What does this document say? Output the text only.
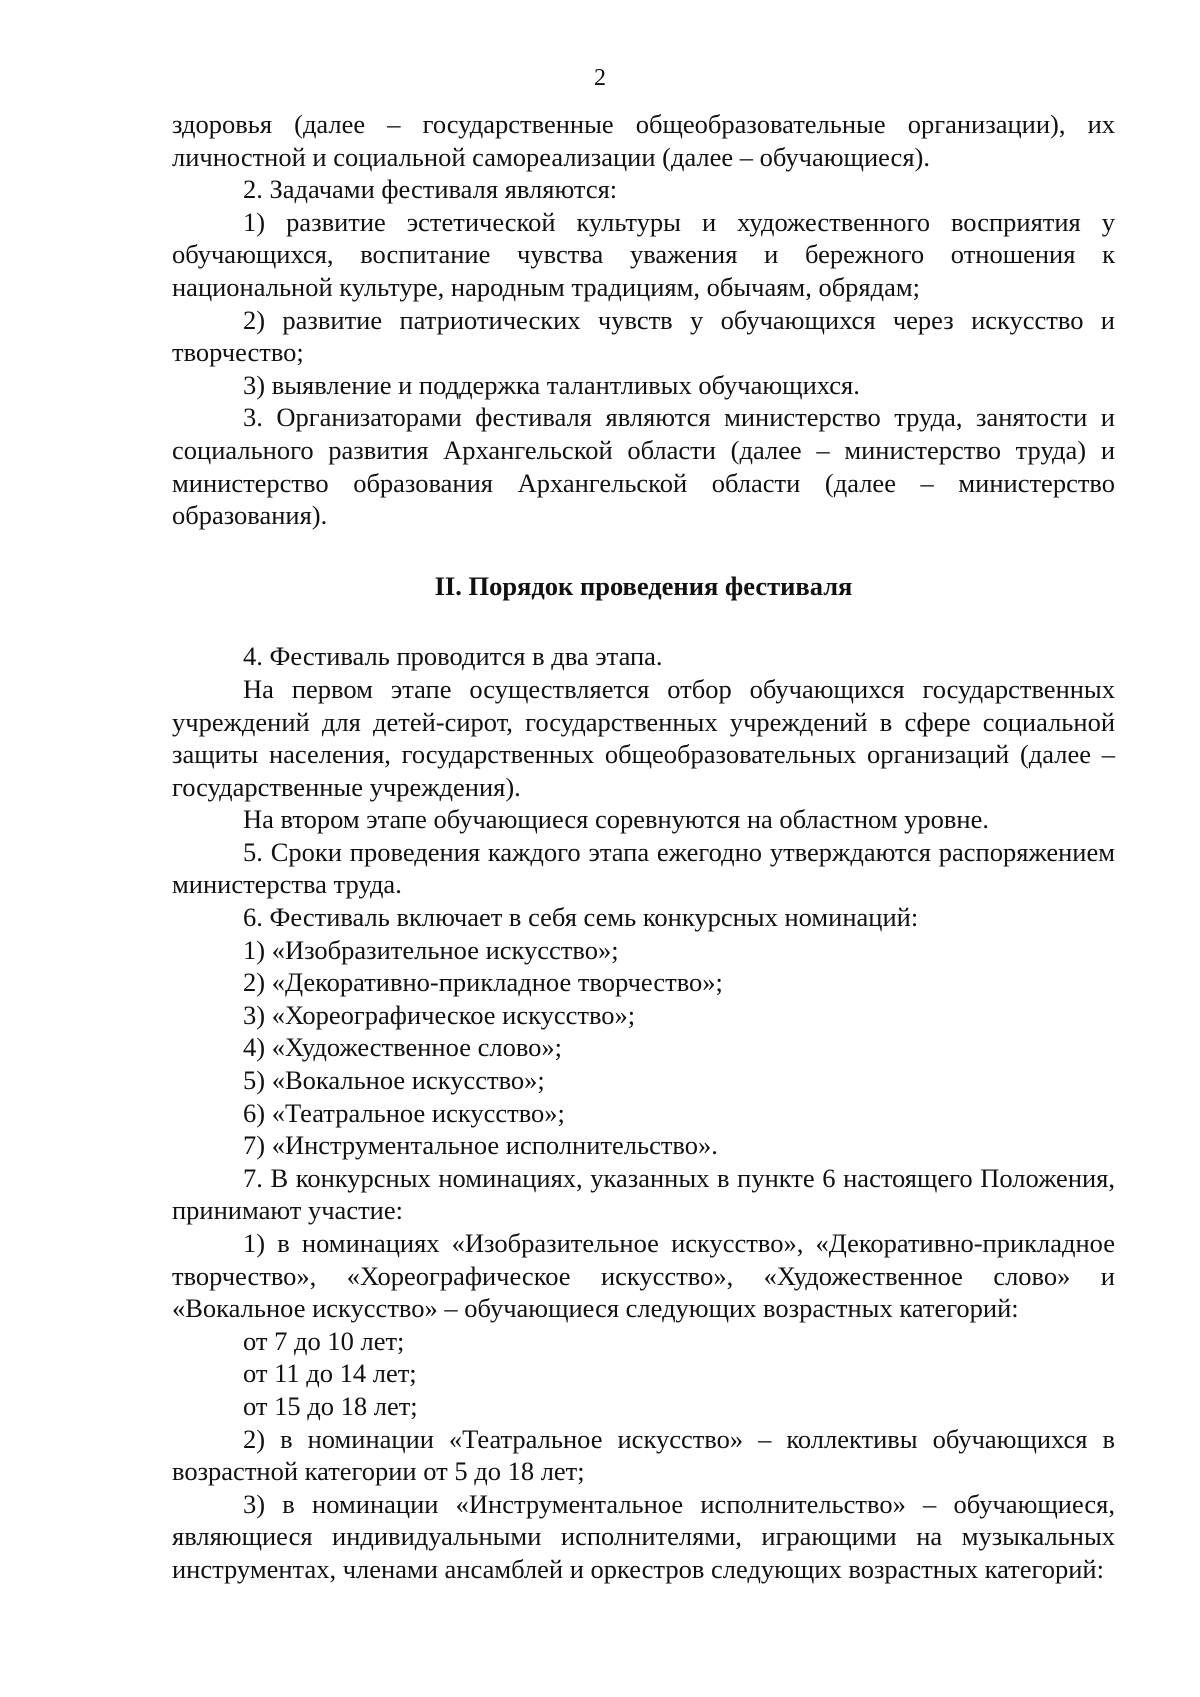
2

здоровья (далее – государственные общеобразовательные организации), их личностной и социальной самореализации (далее – обучающиеся).

2. Задачами фестиваля являются:

1) развитие эстетической культуры и художественного восприятия у обучающихся, воспитание чувства уважения и бережного отношения к национальной культуре, народным традициям, обычаям, обрядам;

2) развитие патриотических чувств у обучающихся через искусство и творчество;

3) выявление и поддержка талантливых обучающихся.

3. Организаторами фестиваля являются министерство труда, занятости и социального развития Архангельской области (далее – министерство труда) и министерство образования Архангельской области (далее – министерство образования).

II. Порядок проведения фестиваля

4. Фестиваль проводится в два этапа.

На первом этапе осуществляется отбор обучающихся государственных учреждений для детей-сирот, государственных учреждений в сфере социальной защиты населения, государственных общеобразовательных организаций (далее – государственные учреждения).

На втором этапе обучающиеся соревнуются на областном уровне.

5. Сроки проведения каждого этапа ежегодно утверждаются распоряжением министерства труда.

6. Фестиваль включает в себя семь конкурсных номинаций:

1) «Изобразительное искусство»;

2) «Декоративно-прикладное творчество»;

3) «Хореографическое искусство»;

4) «Художественное слово»;

5) «Вокальное искусство»;

6) «Театральное искусство»;

7) «Инструментальное исполнительство».

7. В конкурсных номинациях, указанных в пункте 6 настоящего Положения, принимают участие:

1) в номинациях «Изобразительное искусство», «Декоративно-прикладное творчество», «Хореографическое искусство», «Художественное слово» и «Вокальное искусство» – обучающиеся следующих возрастных категорий:

от 7 до 10 лет;

от 11 до 14 лет;

от 15 до 18 лет;

2) в номинации «Театральное искусство» – коллективы обучающихся в возрастной категории от 5 до 18 лет;

3) в номинации «Инструментальное исполнительство» – обучающиеся, являющиеся индивидуальными исполнителями, играющими на музыкальных инструментах, членами ансамблей и оркестров следующих возрастных категорий:
